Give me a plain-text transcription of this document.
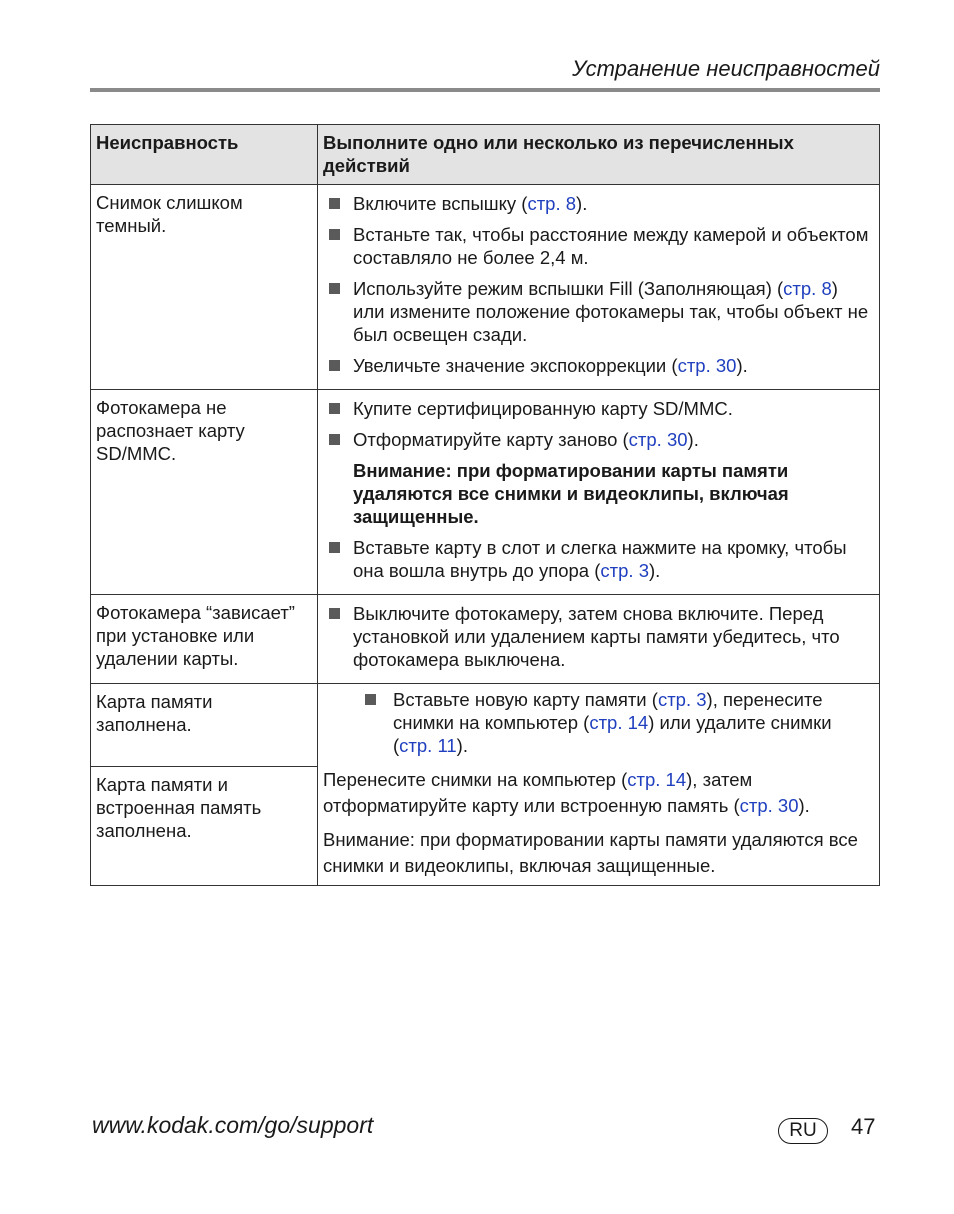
Устранение неисправностей
Неисправность	Выполните одно или несколько из перечисленных действий
Снимок слишком темный.	Включите вспышку (стр. 8).
Встаньте так, чтобы расстояние между камерой и объектом составляло не более 2,4 м.
Используйте режим вспышки Fill (Заполняющая) (стр. 8) или измените положение фотокамеры так, чтобы объект не был освещен сзади.
Увеличьте значение экспокоррекции (стр. 30).

Фотокамера не распознает карту SD/MMC.	Купите сертифицированную карту SD/MMC.
Отформатируйте карту заново (стр. 30).
Внимание: при форматировании карты памяти удаляются все снимки и видеоклипы, включая защищенные.
Вставьте карту в слот и слегка нажмите на кромку, чтобы она вошла внутрь до упора (стр. 3).

Фотокамера “зависает” при установке или удалении карты.	Выключите фотокамеру, затем снова включите. Перед установкой или удалением карты памяти убедитесь, что фотокамера выключена.

Карта памяти заполнена.	Вставьте новую карту памяти (стр. 3), перенесите снимки на компьютер (стр. 14) или удалите снимки (стр. 11).
Перенесите снимки на компьютер (стр. 14), затем отформатируйте карту или встроенную память (стр. 30).
Внимание: при форматировании карты памяти удаляются все снимки и видеоклипы, включая защищенные.

Карта памяти и встроенная память заполнена.	
www.kodak.com/go/support	RU	47
